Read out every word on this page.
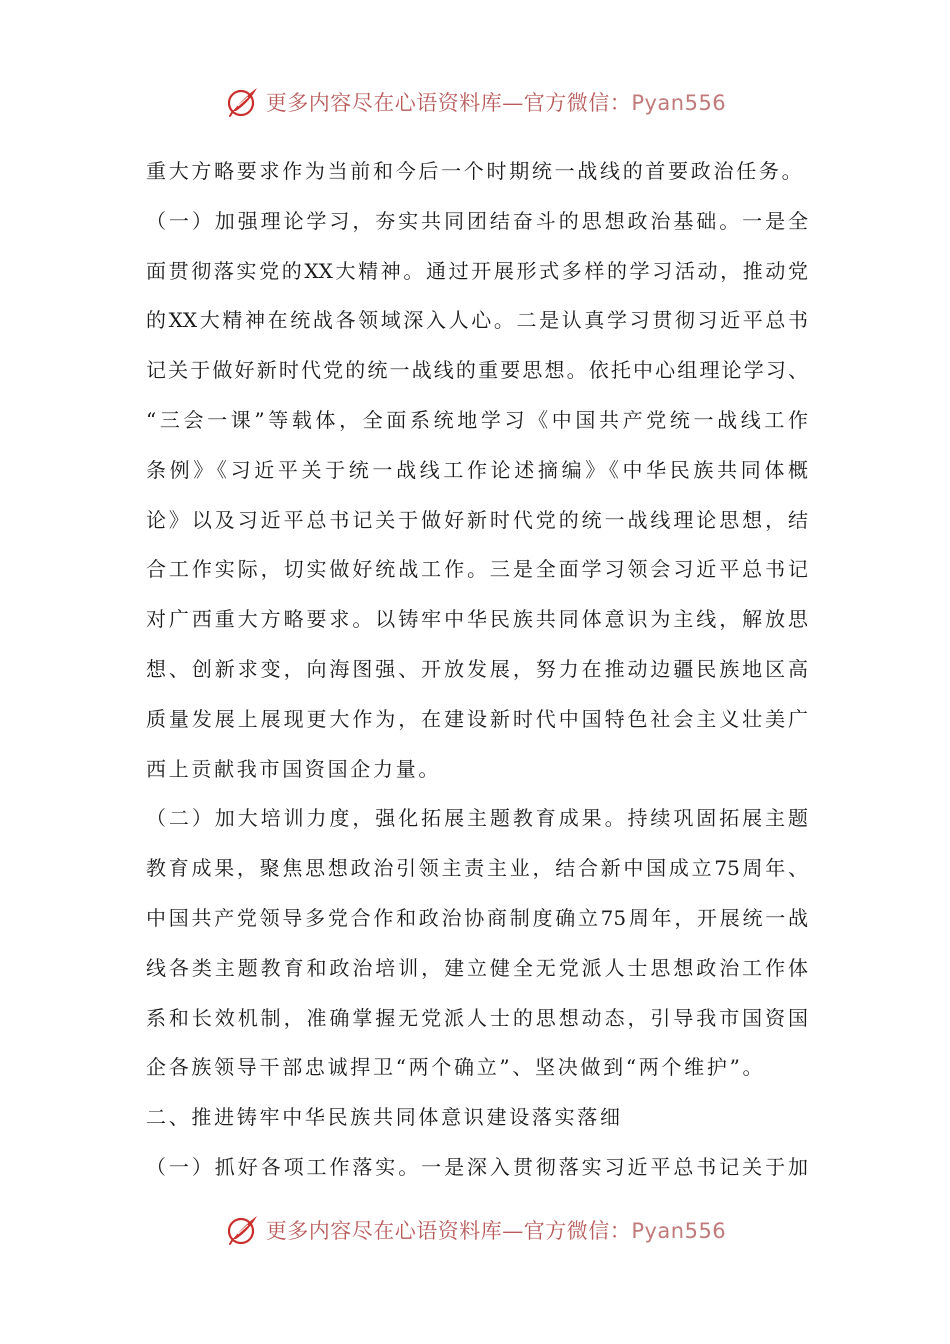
更多内容尽在心语资料库—官方微信：Pyan556
重大方略要求作为当前和今后一个时期统一战线的首要政治任务。
（一）加强理论学习，夯实共同团结奋斗的思想政治基础。一是全
面贯彻落实党的XX大精神。通过开展形式多样的学习活动，推动党
的XX大精神在统战各领域深入人心。二是认真学习贯彻习近平总书
记关于做好新时代党的统一战线的重要思想。依托中心组理论学习、
“三会一课”等载体，全面系统地学习《中国共产党统一战线工作
条例》《习近平关于统一战线工作论述摘编》《中华民族共同体概
论》以及习近平总书记关于做好新时代党的统一战线理论思想，结
合工作实际，切实做好统战工作。三是全面学习领会习近平总书记
对广西重大方略要求。以铸牢中华民族共同体意识为主线，解放思
想、创新求变，向海图强、开放发展，努力在推动边疆民族地区高
质量发展上展现更大作为，在建设新时代中国特色社会主义壮美广
西上贡献我市国资国企力量。
（二）加大培训力度，强化拓展主题教育成果。持续巩固拓展主题
教育成果，聚焦思想政治引领主责主业，结合新中国成立75周年、
中国共产党领导多党合作和政治协商制度确立75周年，开展统一战
线各类主题教育和政治培训，建立健全无党派人士思想政治工作体
系和长效机制，准确掌握无党派人士的思想动态，引导我市国资国
企各族领导干部忠诚捍卫“两个确立”、坚决做到“两个维护”。
二、推进铸牢中华民族共同体意识建设落实落细
（一）抓好各项工作落实。一是深入贯彻落实习近平总书记关于加
更多内容尽在心语资料库—官方微信：Pyan556
